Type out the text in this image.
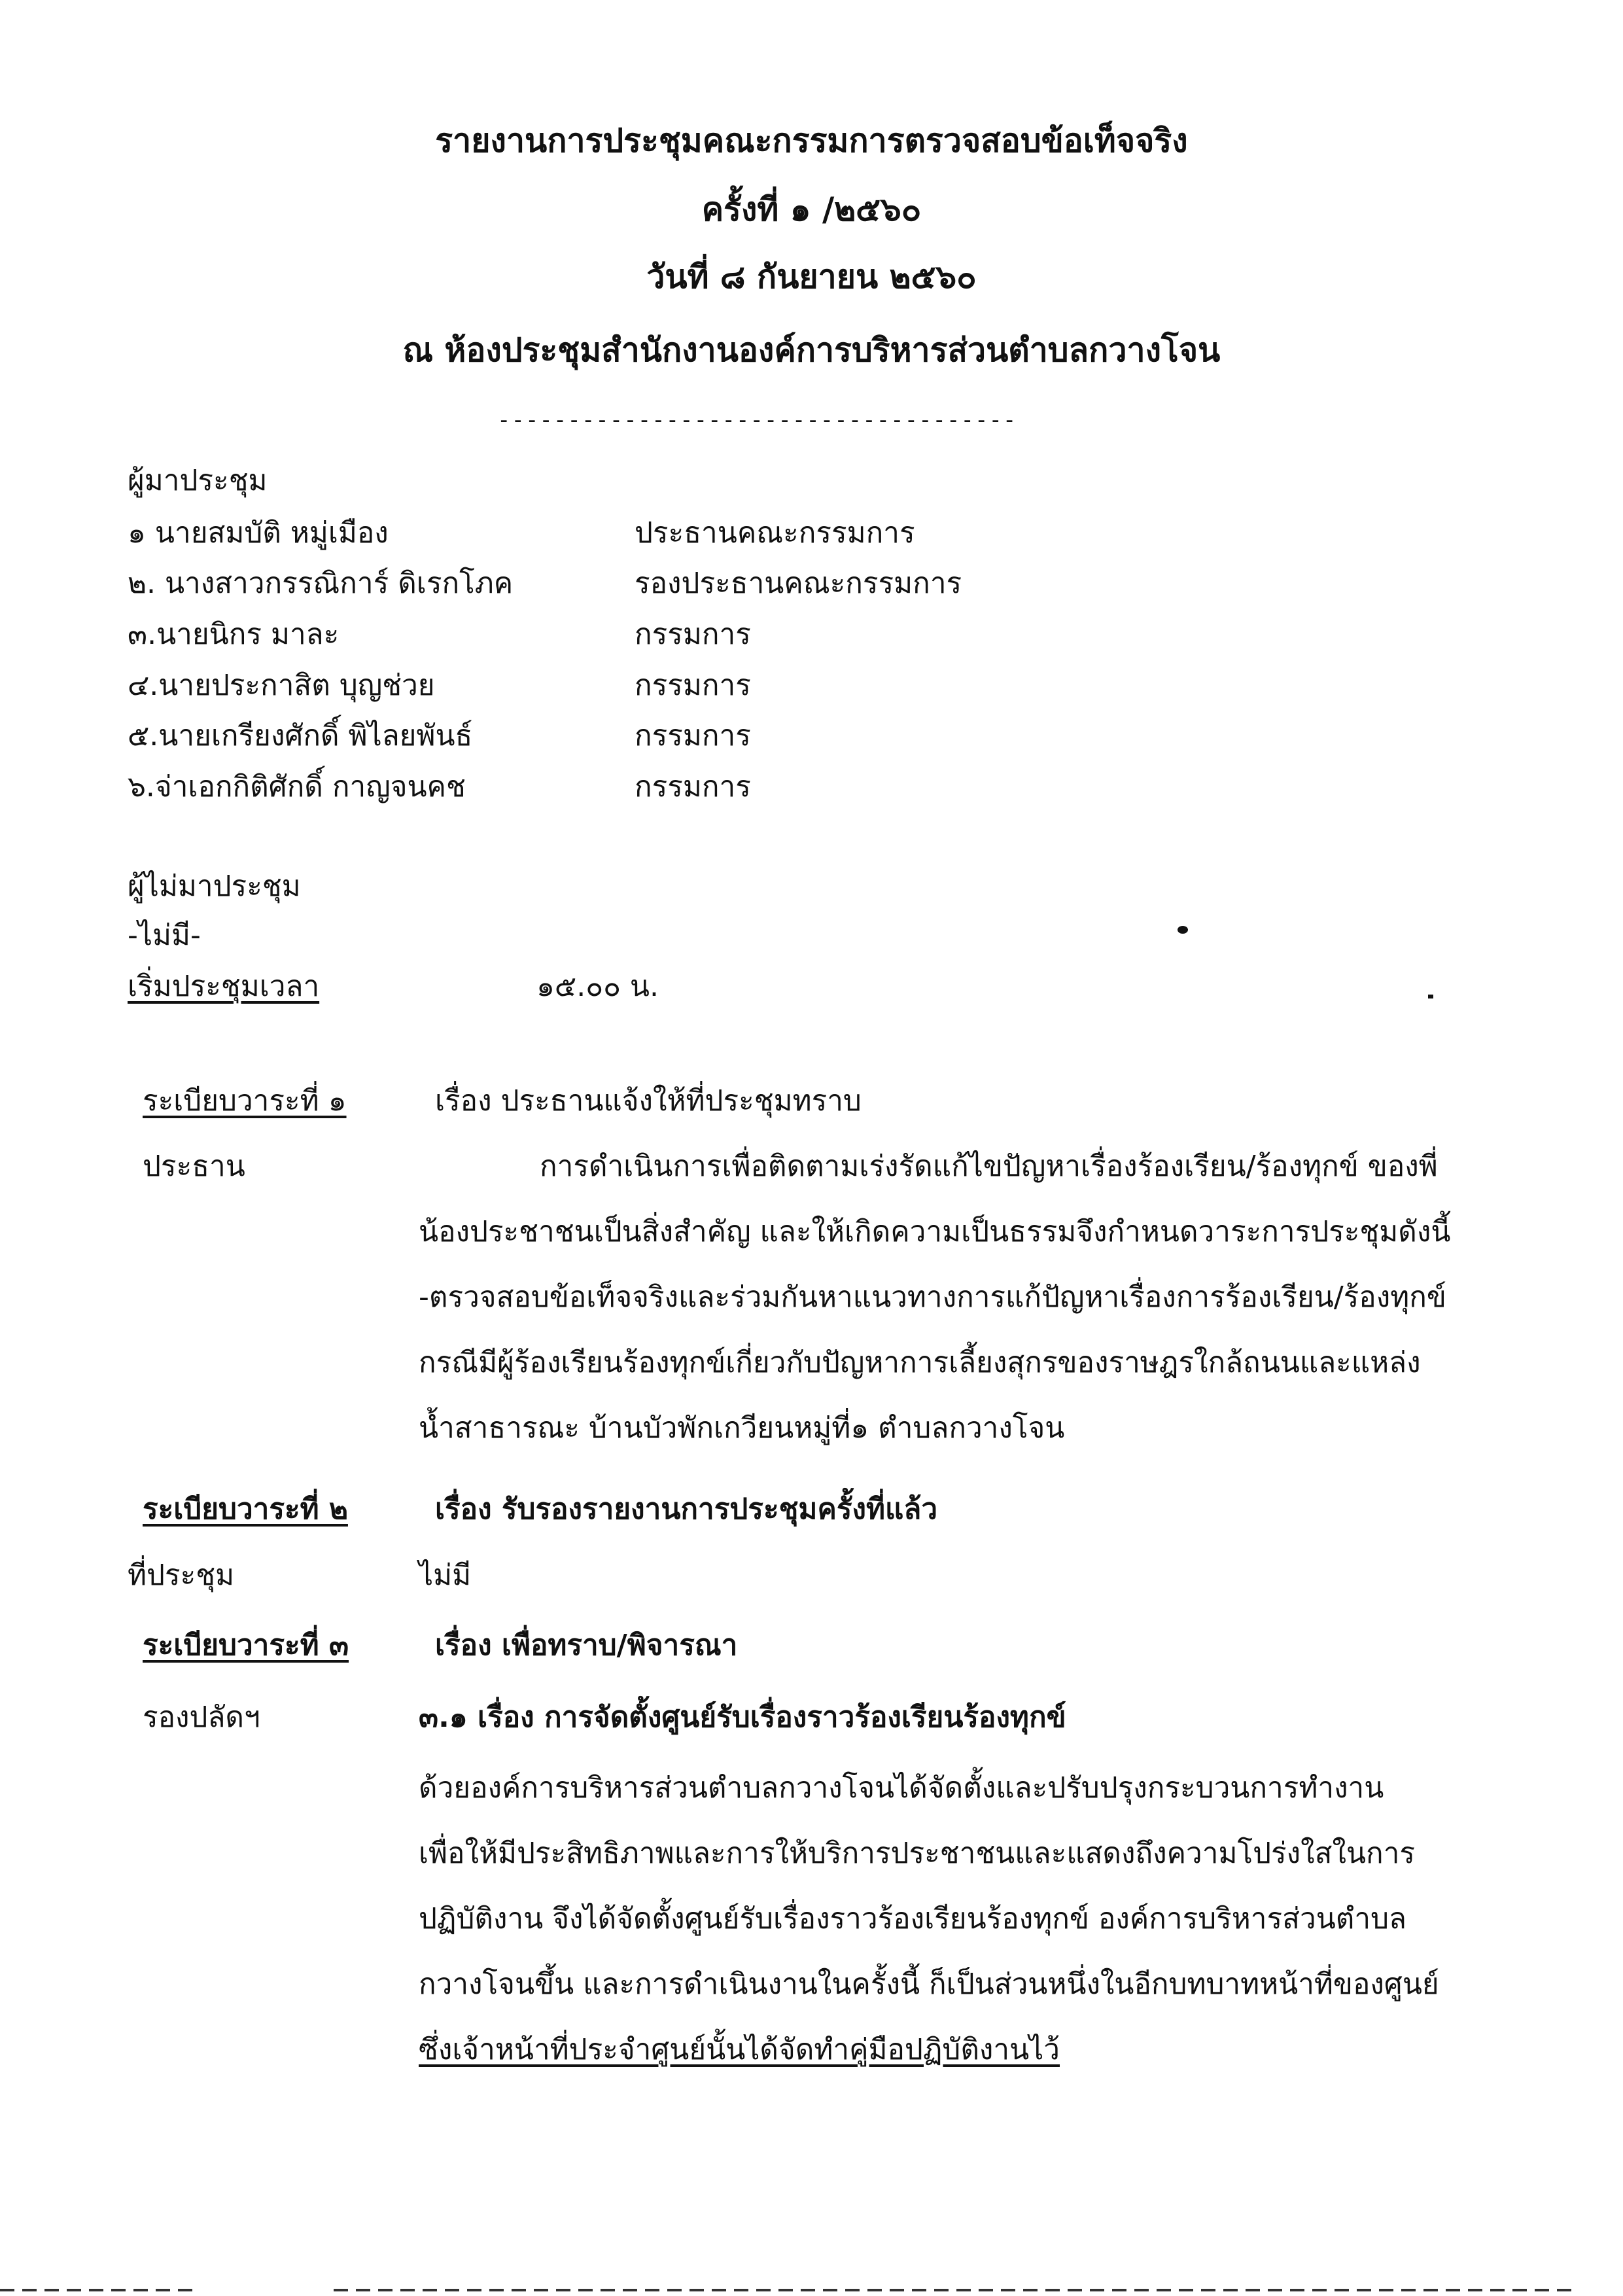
รายงานการประชุมคณะกรรมการตรวจสอบข้อเท็จจริง
ครั้งที่ ๑ /๒๕๖๐
วันที่ ๘ กันยายน ๒๕๖๐
ณ ห้องประชุมสำนักงานองค์การบริหารส่วนตำบลกวางโจน
-------------------------------------
ผู้มาประชุม
๑ นายสมบัติ หมู่เมือง	ประธานคณะกรรมการ
๒. นางสาวกรรณิการ์ ดิเรกโภค	รองประธานคณะกรรมการ
๓.นายนิกร มาละ	กรรมการ
๔.นายประกาสิต บุญช่วย	กรรมการ
๕.นายเกรียงศักดิ์ พิไลยพันธ์	กรรมการ
๖.จ่าเอกกิติศักดิ์ กาญจนคช	กรรมการ
ผู้ไม่มาประชุม
-ไม่มี-
เริ่มประชุมเวลา	๑๕.๐๐ น.
ระเบียบวาระที่ ๑	เรื่อง ประธานแจ้งให้ที่ประชุมทราบ
ประธาน	การดำเนินการเพื่อติดตามเร่งรัดแก้ไขปัญหาเรื่องร้องเรียน/ร้องทุกข์ ของพี่
น้องประชาชนเป็นสิ่งสำคัญ และให้เกิดความเป็นธรรมจึงกำหนดวาระการประชุมดังนี้
-ตรวจสอบข้อเท็จจริงและร่วมกันหาแนวทางการแก้ปัญหาเรื่องการร้องเรียน/ร้องทุกข์
กรณีมีผู้ร้องเรียนร้องทุกข์เกี่ยวกับปัญหาการเลี้ยงสุกรของราษฎรใกล้ถนนและแหล่ง
น้ำสาธารณะ บ้านบัวพักเกวียนหมู่ที่๑ ตำบลกวางโจน
ระเบียบวาระที่ ๒	เรื่อง รับรองรายงานการประชุมครั้งที่แล้ว
ที่ประชุม	ไม่มี
ระเบียบวาระที่ ๓	เรื่อง เพื่อทราบ/พิจารณา
รองปลัดฯ	๓.๑ เรื่อง การจัดตั้งศูนย์รับเรื่องราวร้องเรียนร้องทุกข์
ด้วยองค์การบริหารส่วนตำบลกวางโจนได้จัดตั้งและปรับปรุงกระบวนการทำงาน
เพื่อให้มีประสิทธิภาพและการให้บริการประชาชนและแสดงถึงความโปร่งใสในการ
ปฏิบัติงาน จึงได้จัดตั้งศูนย์รับเรื่องราวร้องเรียนร้องทุกข์ องค์การบริหารส่วนตำบล
กวางโจนขึ้น และการดำเนินงานในครั้งนี้ ก็เป็นส่วนหนึ่งในอีกบทบาทหน้าที่ของศูนย์
ซึ่งเจ้าหน้าที่ประจำศูนย์นั้นได้จัดทำคู่มือปฏิบัติงานไว้
